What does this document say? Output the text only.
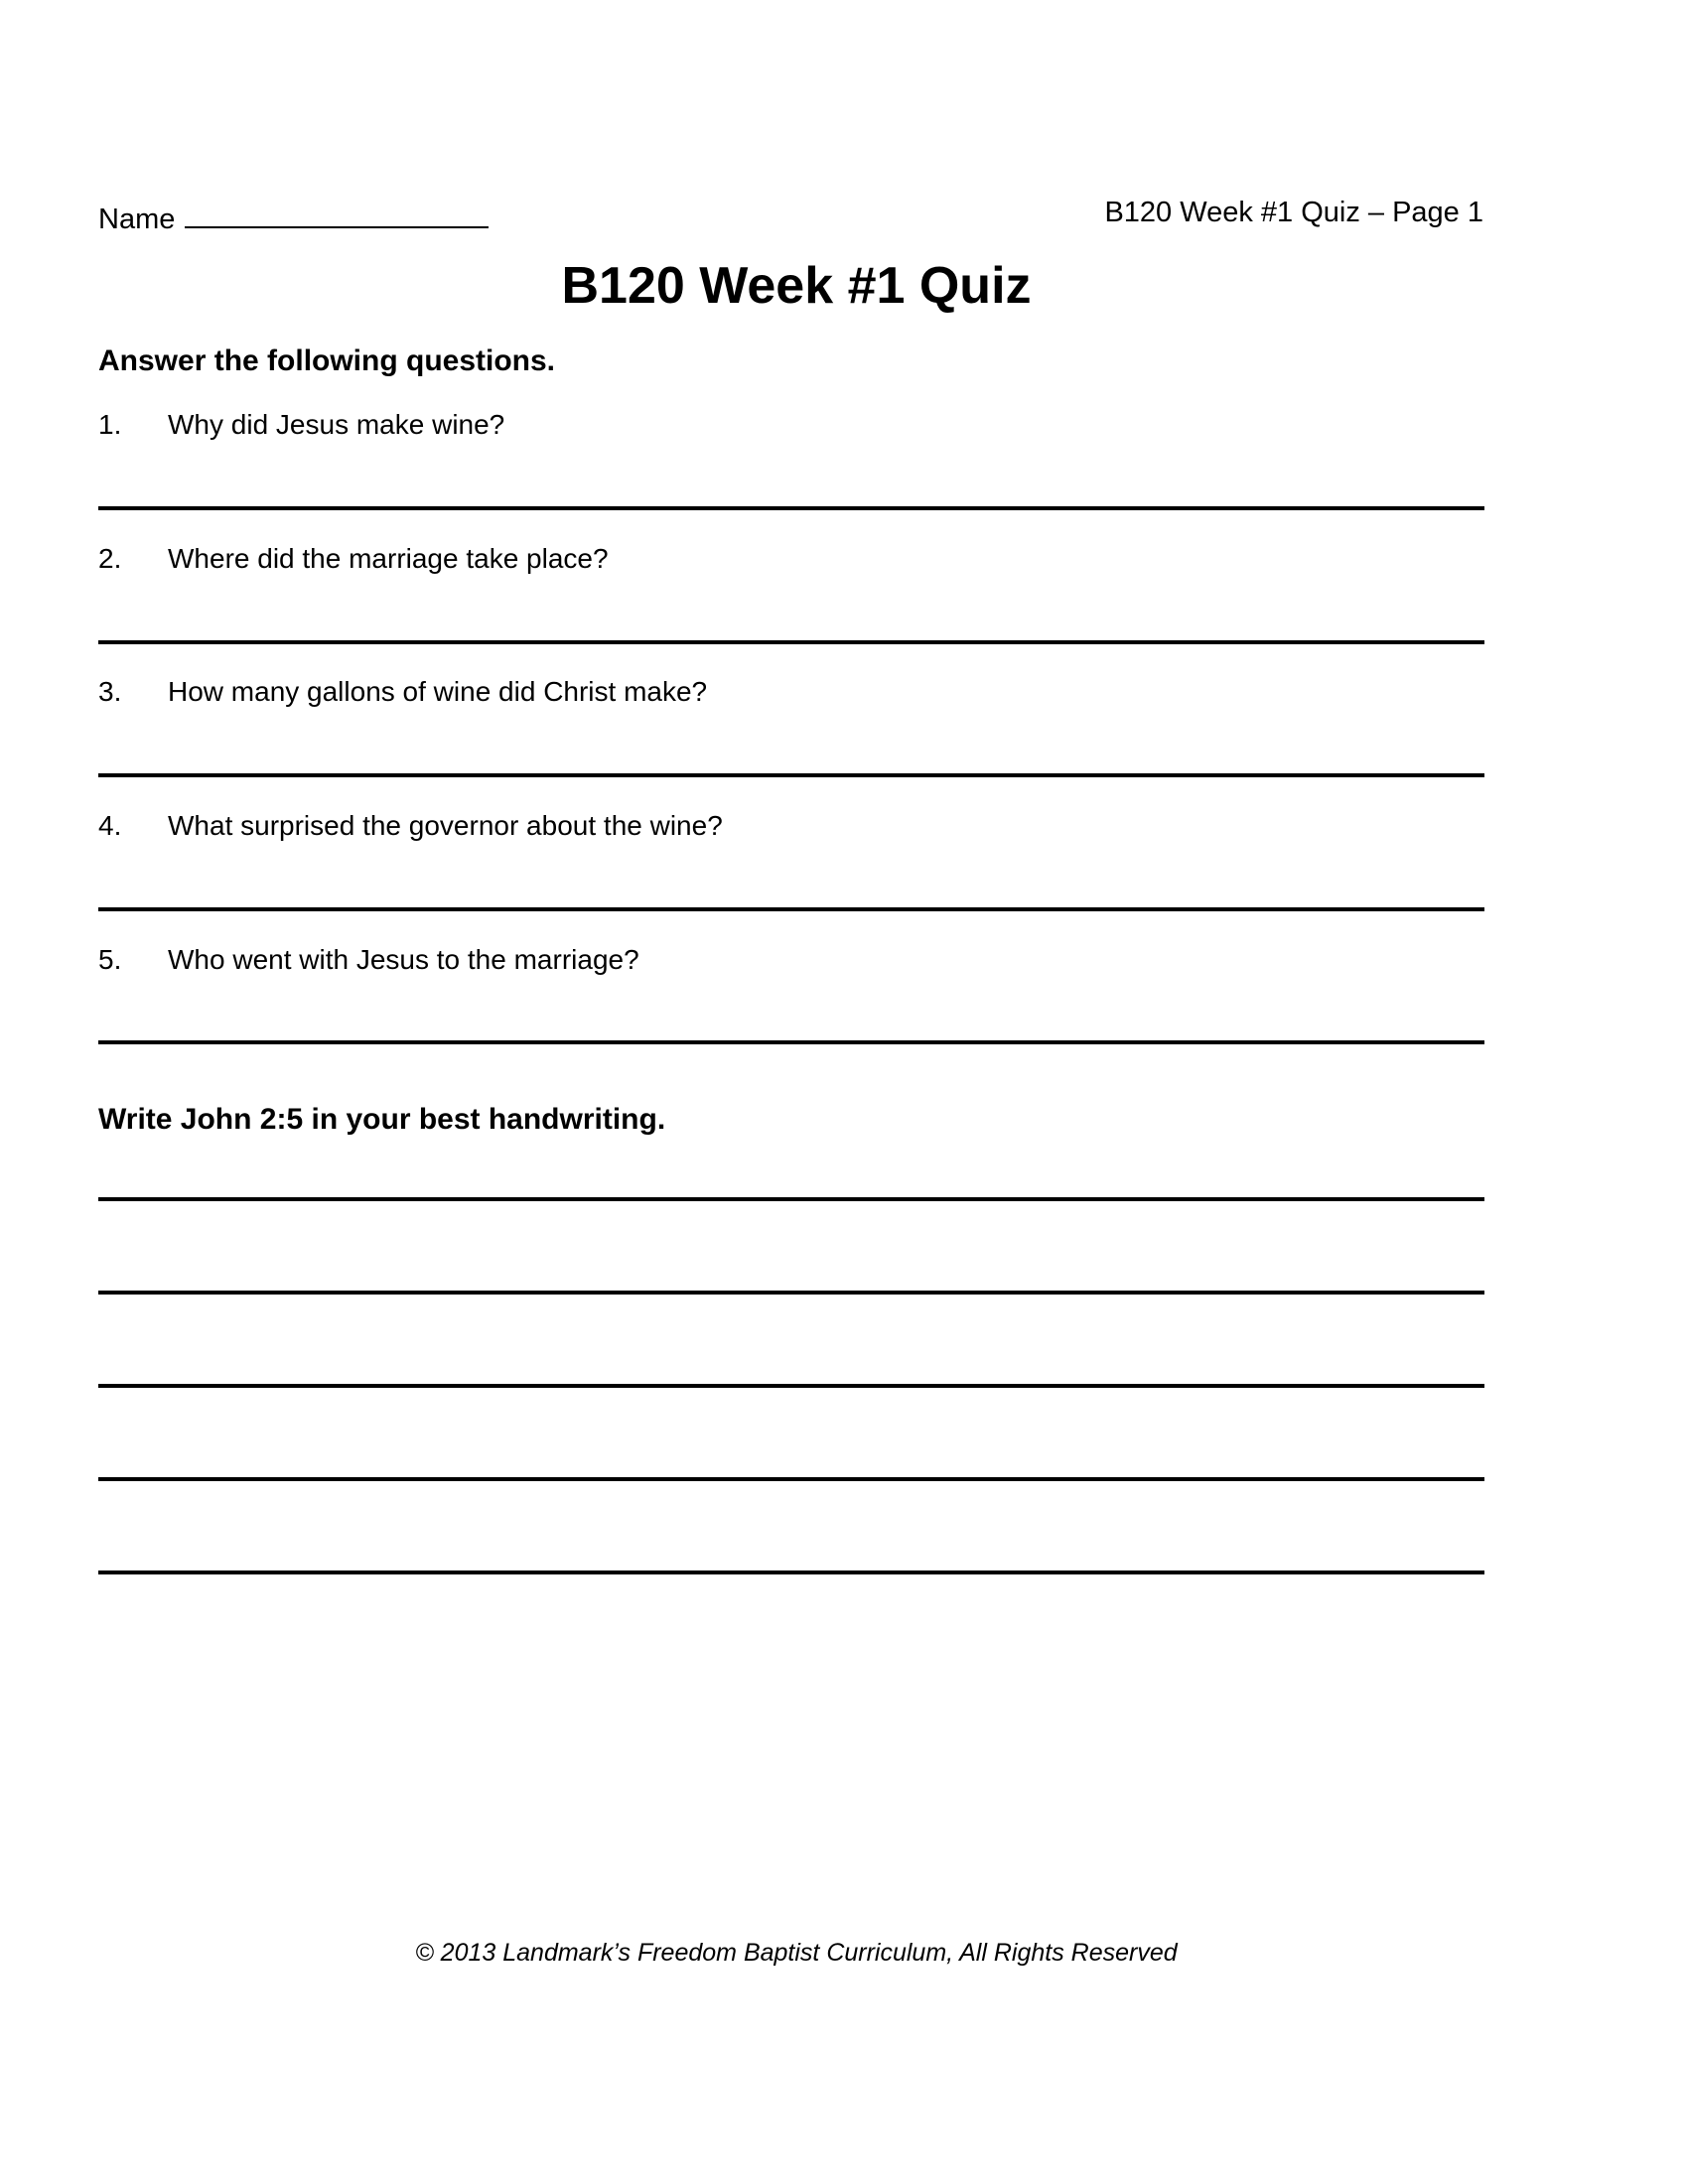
Name	B120 Week #1 Quiz – Page 1
B120 Week #1 Quiz
Answer the following questions.
1. Why did Jesus make wine?
2. Where did the marriage take place?
3. How many gallons of wine did Christ make?
4. What surprised the governor about the wine?
5. Who went with Jesus to the marriage?
Write John 2:5 in your best handwriting.
© 2013 Landmark’s Freedom Baptist Curriculum, All Rights Reserved
